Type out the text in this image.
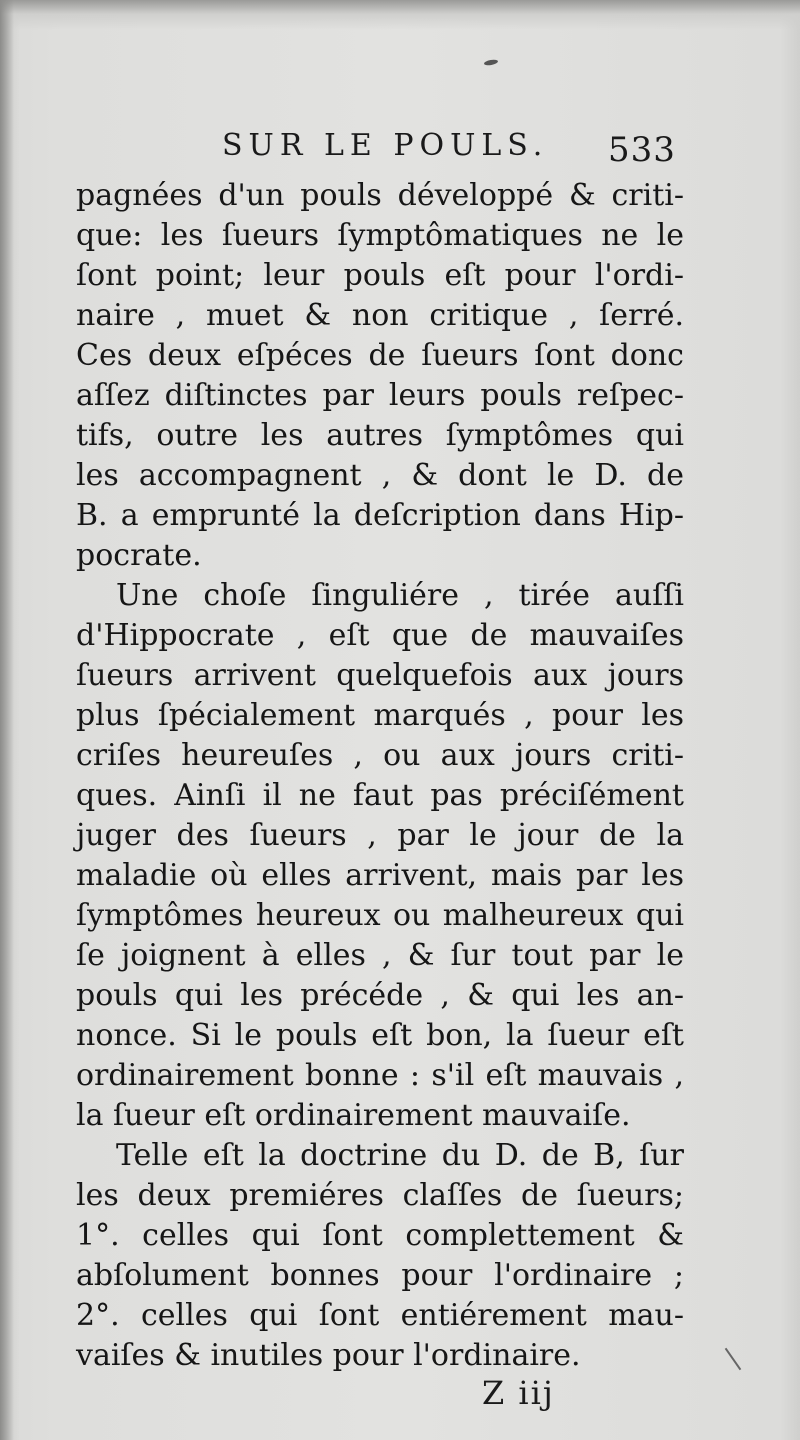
SUR LE POULS. 533
pagnées d'un pouls développé & criti-
que: les ſueurs ſymptômatiques ne le
ſont point; leur pouls eſt pour l'ordi-
naire , muet & non critique , ſerré.
Ces deux eſpéces de ſueurs ſont donc
aſſez diſtinctes par leurs pouls reſpec-
tifs, outre les autres ſymptômes qui
les accompagnent , & dont le D. de
B. a emprunté la deſcription dans Hip-
pocrate.
Une choſe ſinguliére , tirée auſſi
d'Hippocrate , eſt que de mauvaiſes
ſueurs arrivent quelquefois aux jours
plus ſpécialement marqués , pour les
criſes heureuſes , ou aux jours criti-
ques. Ainſi il ne faut pas préciſément
juger des ſueurs , par le jour de la
maladie où elles arrivent, mais par les
ſymptômes heureux ou malheureux qui
ſe joignent à elles , & ſur tout par le
pouls qui les précéde , & qui les an-
nonce. Si le pouls eſt bon, la ſueur eſt
ordinairement bonne : s'il eſt mauvais ,
la ſueur eſt ordinairement mauvaiſe.
Telle eſt la doctrine du D. de B, ſur
les deux premiéres claſſes de ſueurs;
1°. celles qui ſont complettement &
abſolument bonnes pour l'ordinaire ;
2°. celles qui ſont entiérement mau-
vaiſes & inutiles pour l'ordinaire.
Z iij
